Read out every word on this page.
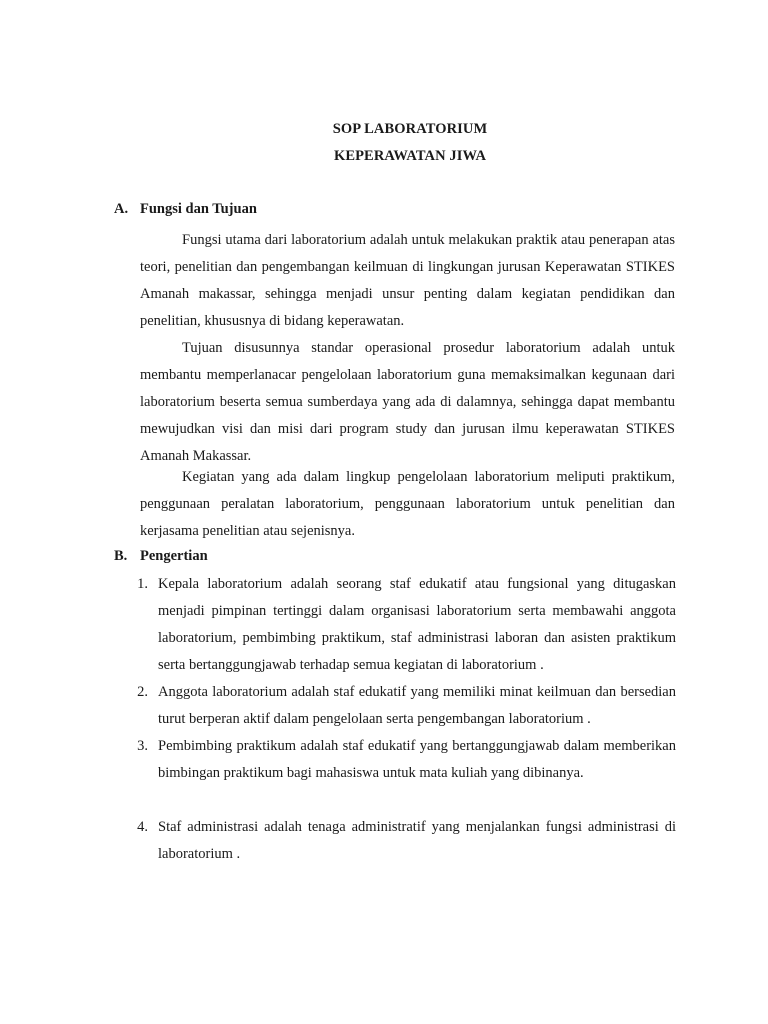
SOP LABORATORIUM
KEPERAWATAN JIWA
A. Fungsi dan Tujuan

Fungsi utama dari laboratorium adalah untuk melakukan praktik atau penerapan atas teori, penelitian dan pengembangan keilmuan di lingkungan jurusan Keperawatan STIKES Amanah makassar, sehingga menjadi unsur penting dalam kegiatan pendidikan dan penelitian, khususnya di bidang keperawatan.

Tujuan disusunnya standar operasional prosedur laboratorium adalah untuk membantu memperlanacar pengelolaan laboratorium guna memaksimalkan kegunaan dari laboratorium beserta semua sumberdaya yang ada di dalamnya, sehingga dapat membantu mewujudkan visi dan misi dari program study dan jurusan ilmu keperawatan STIKES Amanah Makassar.

Kegiatan yang ada dalam lingkup pengelolaan laboratorium meliputi praktikum, penggunaan peralatan laboratorium, penggunaan laboratorium untuk penelitian dan kerjasama penelitian atau sejenisnya.

B. Pengertian
1. Kepala laboratorium adalah seorang staf edukatif atau fungsional yang ditugaskan menjadi pimpinan tertinggi dalam organisasi laboratorium serta membawahi anggota laboratorium, pembimbing praktikum, staf administrasi laboran dan asisten praktikum serta bertanggungjawab terhadap semua kegiatan di laboratorium .

2. Anggota laboratorium adalah staf edukatif yang memiliki minat keilmuan dan bersedian turut berperan aktif dalam pengelolaan serta pengembangan laboratorium .

3. Pembimbing praktikum adalah staf edukatif yang bertanggungjawab dalam memberikan bimbingan praktikum bagi mahasiswa untuk mata kuliah yang dibinanya.

4. Staf administrasi adalah tenaga administratif yang menjalankan fungsi administrasi di laboratorium .
